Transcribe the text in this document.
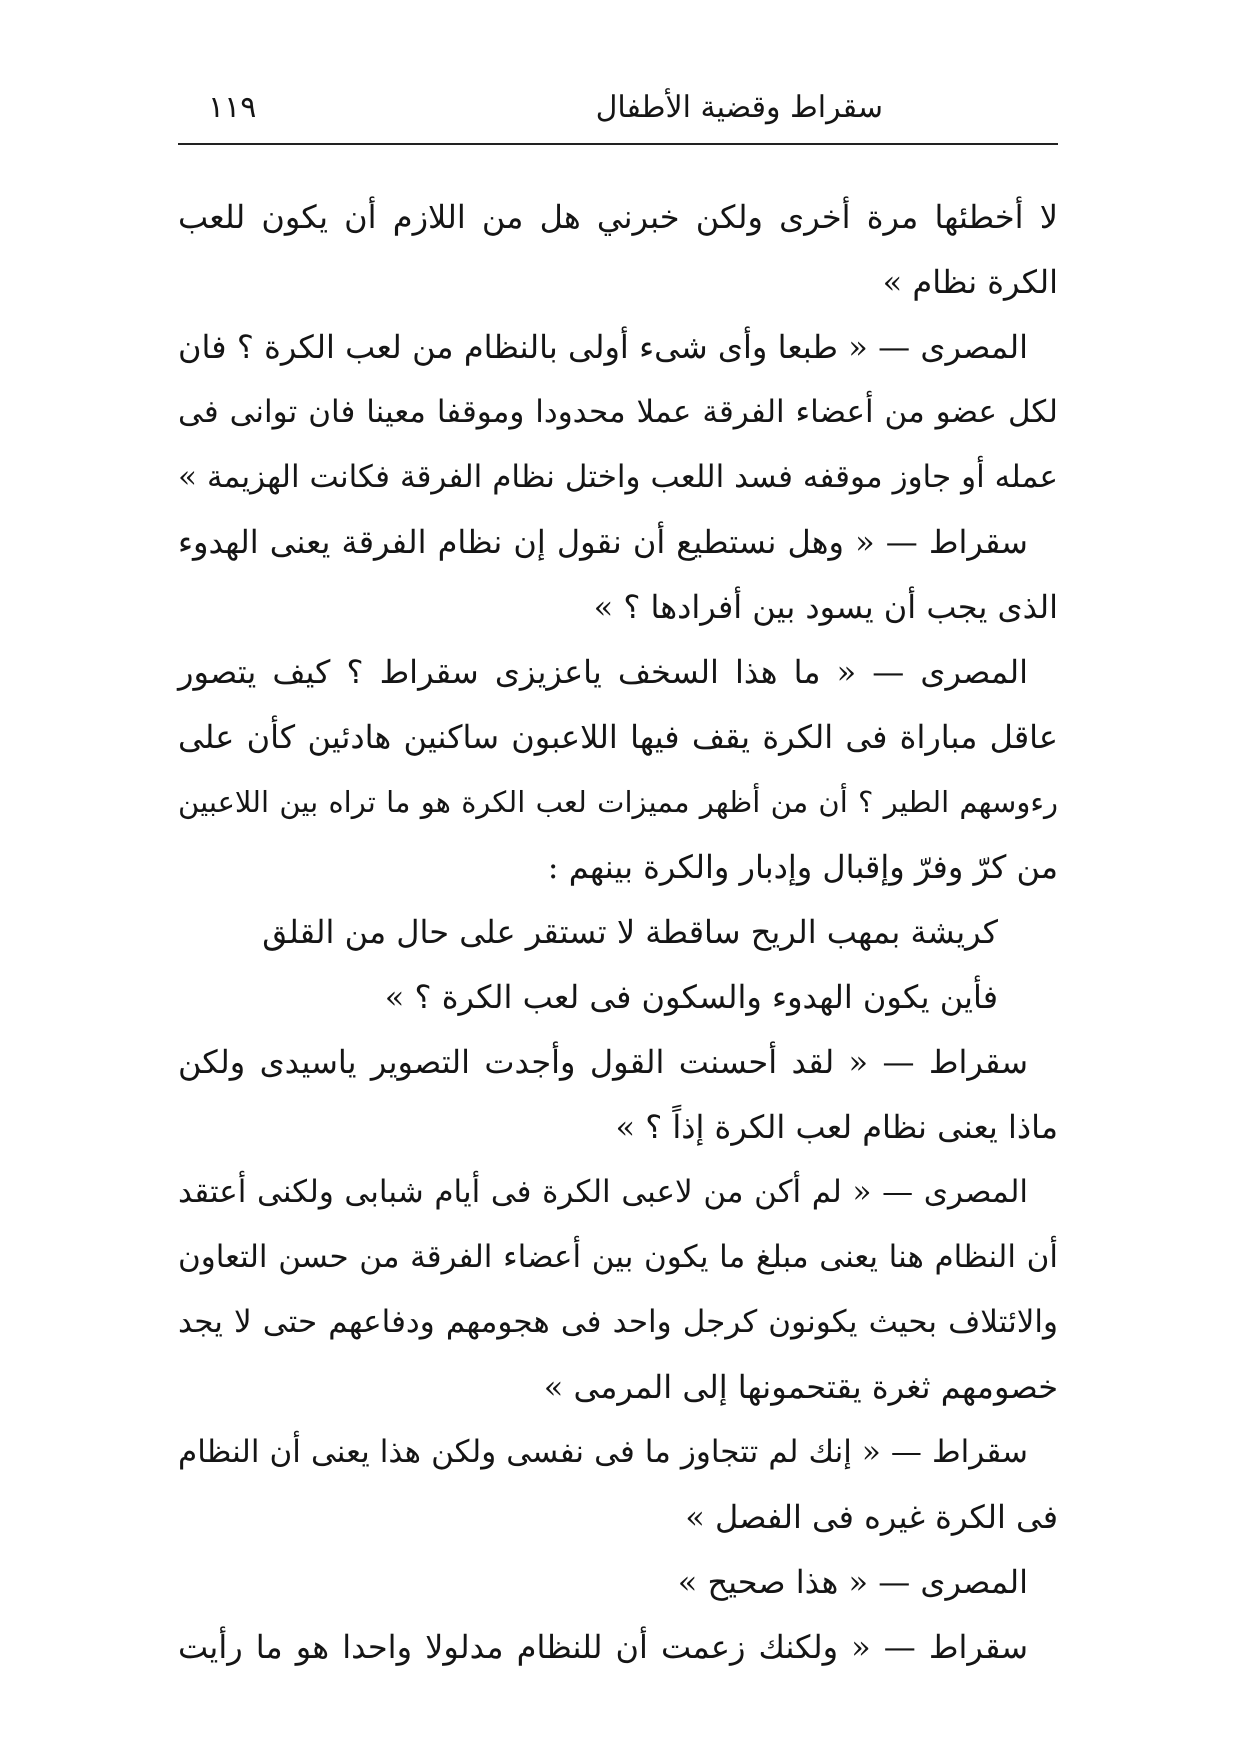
سقراط وقضية الأطفال
١١٩
لا أخطئها مرة أخرى ولكن خبرني هل من اللازم أن يكون للعب
الكرة نظام »
المصرى — « طبعا وأى شىء أولى بالنظام من لعب الكرة ؟ فان
لكل عضو من أعضاء الفرقة عملا محدودا وموقفا معينا فان توانى فى
عمله أو جاوز موقفه فسد اللعب واختل نظام الفرقة فكانت الهزيمة »
سقراط — « وهل نستطيع أن نقول إن نظام الفرقة يعنى الهدوء
الذى يجب أن يسود بين أفرادها ؟ »
المصرى — « ما هذا السخف ياعزيزى سقراط ؟ كيف يتصور
عاقل مباراة فى الكرة يقف فيها اللاعبون ساكنين هادئين كأن على
رءوسهم الطير ؟ أن من أظهر مميزات لعب الكرة هو ما تراه بين اللاعبين
من كرّ وفرّ وإقبال وإدبار والكرة بينهم :
كريشة بمهب الريح ساقطة لا تستقر على حال من القلق
فأين يكون الهدوء والسكون فى لعب الكرة ؟ »
سقراط — « لقد أحسنت القول وأجدت التصوير ياسيدى ولكن
ماذا يعنى نظام لعب الكرة إذاً ؟ »
المصرى — « لم أكن من لاعبى الكرة فى أيام شبابى ولكنى أعتقد
أن النظام هنا يعنى مبلغ ما يكون بين أعضاء الفرقة من حسن التعاون
والائتلاف بحيث يكونون كرجل واحد فى هجومهم ودفاعهم حتى لا يجد
خصومهم ثغرة يقتحمونها إلى المرمى »
سقراط — « إنك لم تتجاوز ما فى نفسى ولكن هذا يعنى أن النظام
فى الكرة غيره فى الفصل »
المصرى — « هذا صحيح »
سقراط — « ولكنك زعمت أن للنظام مدلولا واحدا هو ما رأيت
